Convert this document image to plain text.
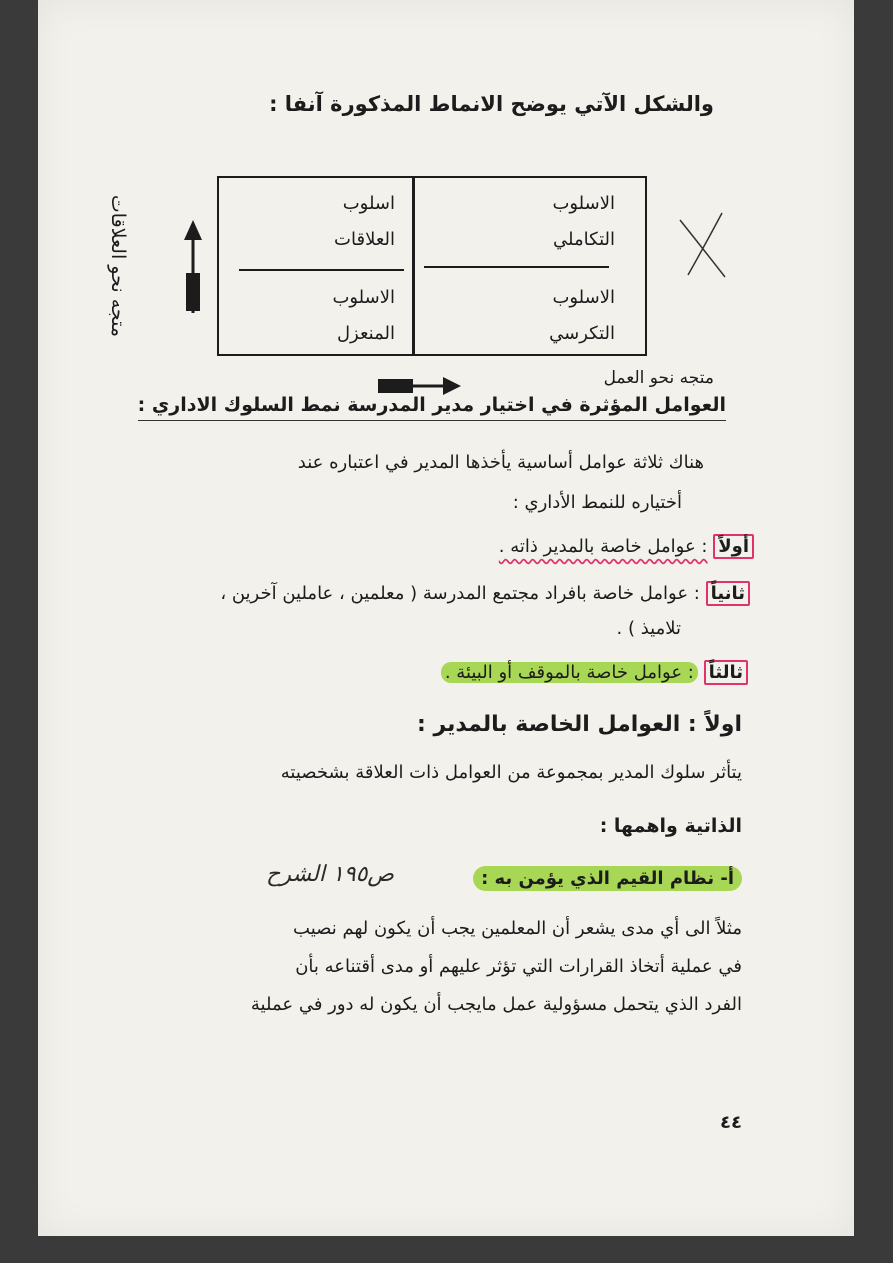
والشكل الآتي يوضح الانماط المذكورة آنفا :
متجه نحو العلاقات	الاسلوب
التكاملي
اسلوب
العلاقات
الاسلوب
التكرسي
الاسلوب
المنعزل
متجه نحو العمل
العوامل المؤثرة في اختيار مدير المدرسة نمط السلوك الاداري :
هناك ثلاثة عوامل أساسية يأخذها المدير في اعتباره عند
أختياره للنمط الأداري :
أولاً : عوامل خاصة بالمدير ذاته .
ثانياً : عوامل خاصة بافراد مجتمع المدرسة ( معلمين ، عاملين آخرين ،
تلاميذ ) .
ثالثاً : عوامل خاصة بالموقف أو البيئة .
اولاً : العوامل الخاصة بالمدير :
يتأثر سلوك المدير بمجموعة من العوامل ذات العلاقة بشخصيته
الذاتية واهمها :
ص١٩٥ الشرح	أ- نظام القيم الذي يؤمن به :
مثلاً الى أي مدى يشعر أن المعلمين يجب أن يكون لهم نصيب
في عملية أتخاذ القرارات التي تؤثر عليهم أو مدى أقتناعه بأن
الفرد الذي يتحمل مسؤولية عمل مايجب أن يكون له دور في عملية
٤٤
